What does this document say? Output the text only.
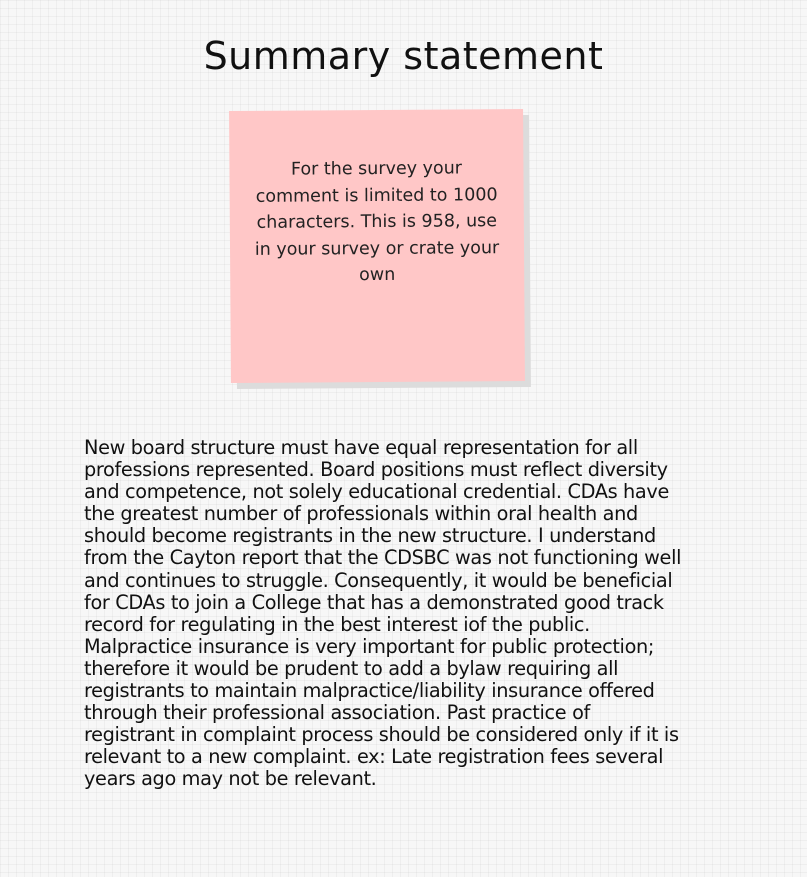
Summary statement

For the survey your comment is limited to 1000 characters. This is 958, use in your survey or crate your own

New board structure must have equal representation for all professions represented. Board positions must reflect diversity and competence, not solely educational credential. CDAs have the greatest number of professionals within oral health and should become registrants in the new structure. I understand from the Cayton report that the CDSBC was not functioning well and continues to struggle. Consequently, it would be beneficial for CDAs to join a College that has a demonstrated good track record for regulating in the best interest iof the public. Malpractice insurance is very important for public protection; therefore it would be prudent to add a bylaw requiring all registrants to maintain malpractice/liability insurance offered through their professional association. Past practice of registrant in complaint process should be considered only if it is relevant to a new complaint. ex: Late registration fees several years ago may not be relevant.
